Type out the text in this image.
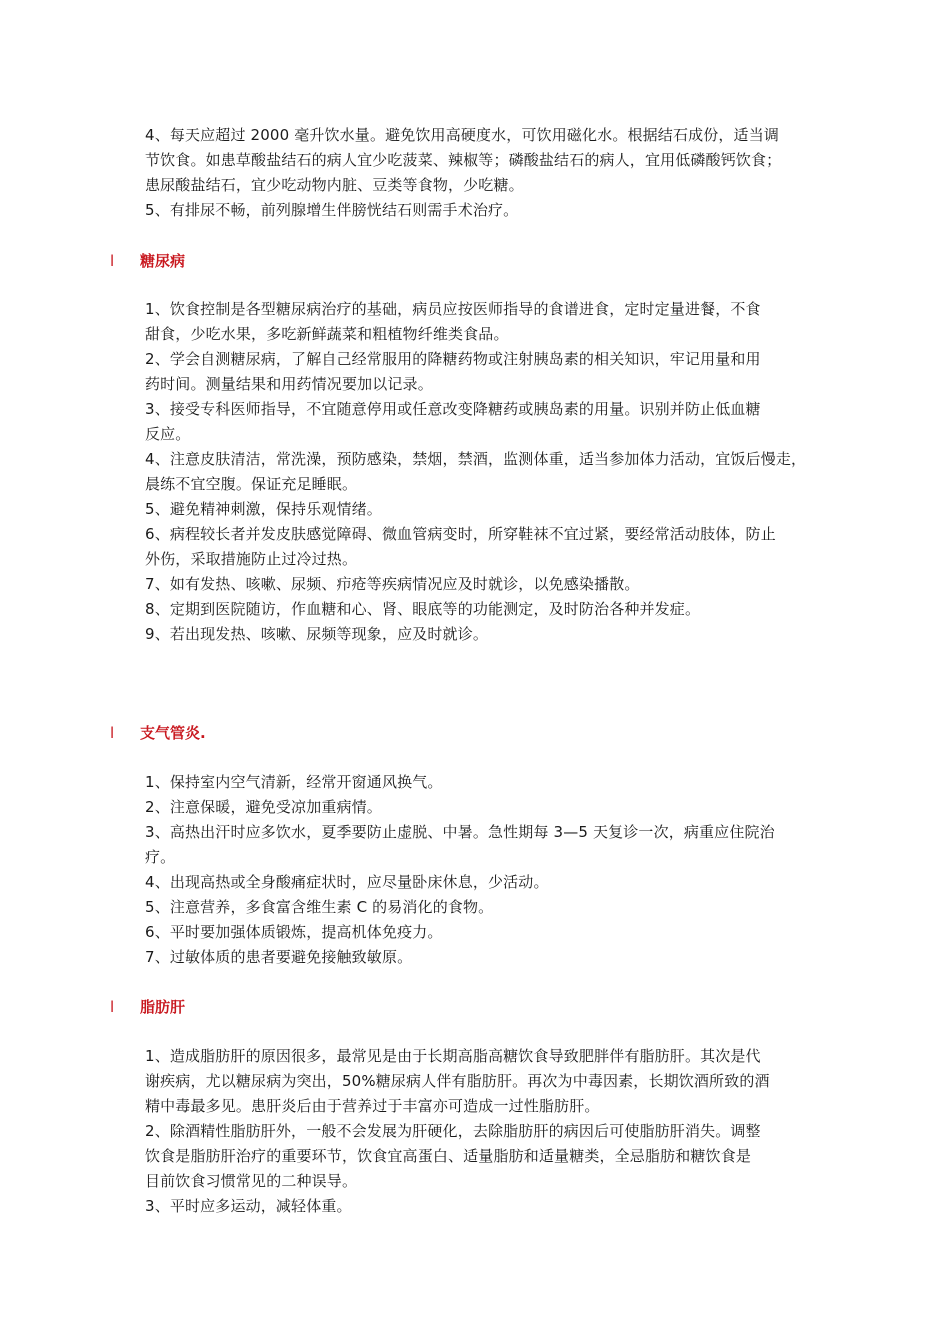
4、每天应超过 2000 毫升饮水量。避免饮用高硬度水，可饮用磁化水。根据结石成份，适当调
节饮食。如患草酸盐结石的病人宜少吃菠菜、辣椒等；磷酸盐结石的病人，宜用低磷酸钙饮食；
患尿酸盐结石，宜少吃动物内脏、豆类等食物，少吃糖。
5、有排尿不畅，前列腺增生伴膀恍结石则需手术治疗。
l 糖尿病
1、饮食控制是各型糖尿病治疗的基础，病员应按医师指导的食谱进食，定时定量进餐，不食
甜食，少吃水果，多吃新鲜蔬菜和粗植物纤维类食品。
2、学会自测糖尿病，了解自己经常服用的降糖药物或注射胰岛素的相关知识，牢记用量和用
药时间。测量结果和用药情况要加以记录。
3、接受专科医师指导，不宜随意停用或任意改变降糖药或胰岛素的用量。识别并防止低血糖
反应。
4、注意皮肤清洁，常洗澡，预防感染，禁烟，禁酒，监测体重，适当参加体力活动，宜饭后慢走，
晨练不宜空腹。保证充足睡眠。
5、避免精神刺激，保持乐观情绪。
6、病程较长者并发皮肤感觉障碍、微血管病变时，所穿鞋袜不宜过紧，要经常活动肢体，防止
外伤，采取措施防止过冷过热。
7、如有发热、咳嗽、尿频、疖疮等疾病情况应及时就诊，以免感染播散。
8、定期到医院随访，作血糖和心、肾、眼底等的功能测定，及时防治各种并发症。
9、若出现发热、咳嗽、尿频等现象，应及时就诊。
l 支气管炎.
1、保持室内空气清新，经常开窗通风换气。
2、注意保暖，避免受凉加重病情。
3、高热出汗时应多饮水，夏季要防止虚脱、中暑。急性期每 3—5 天复诊一次，病重应住院治
疗。
4、出现高热或全身酸痛症状时，应尽量卧床休息，少活动。
5、注意营养，多食富含维生素 C 的易消化的食物。
6、平时要加强体质锻炼，提高机体免疫力。
7、过敏体质的患者要避免接触致敏原。
l 脂肪肝
1、造成脂肪肝的原因很多，最常见是由于长期高脂高糖饮食导致肥胖伴有脂肪肝。其次是代
谢疾病，尤以糖尿病为突出，50%糖尿病人伴有脂肪肝。再次为中毒因素，长期饮酒所致的酒
精中毒最多见。患肝炎后由于营养过于丰富亦可造成一过性脂肪肝。
2、除酒精性脂肪肝外，一般不会发展为肝硬化，去除脂肪肝的病因后可使脂肪肝消失。调整
饮食是脂肪肝治疗的重要环节，饮食宜高蛋白、适量脂肪和适量糖类，全忌脂肪和糖饮食是
目前饮食习惯常见的二种误导。
3、平时应多运动，减轻体重。
